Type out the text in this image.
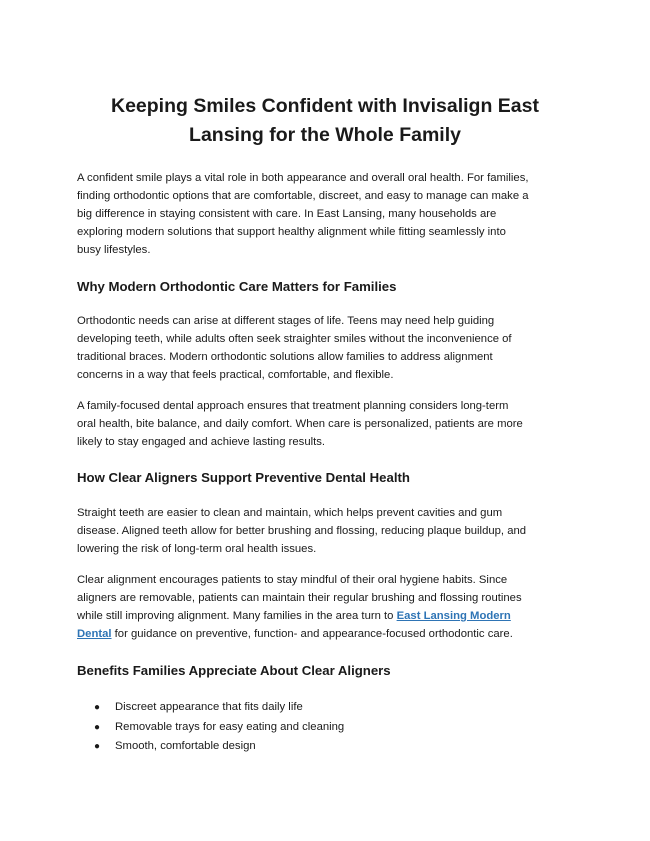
Keeping Smiles Confident with Invisalign East
Lansing for the Whole Family

A confident smile plays a vital role in both appearance and overall oral health. For families,
finding orthodontic options that are comfortable, discreet, and easy to manage can make a
big difference in staying consistent with care. In East Lansing, many households are
exploring modern solutions that support healthy alignment while fitting seamlessly into
busy lifestyles.

Why Modern Orthodontic Care Matters for Families

Orthodontic needs can arise at different stages of life. Teens may need help guiding
developing teeth, while adults often seek straighter smiles without the inconvenience of
traditional braces. Modern orthodontic solutions allow families to address alignment
concerns in a way that feels practical, comfortable, and flexible.

A family-focused dental approach ensures that treatment planning considers long-term
oral health, bite balance, and daily comfort. When care is personalized, patients are more
likely to stay engaged and achieve lasting results.

How Clear Aligners Support Preventive Dental Health

Straight teeth are easier to clean and maintain, which helps prevent cavities and gum
disease. Aligned teeth allow for better brushing and flossing, reducing plaque buildup, and
lowering the risk of long-term oral health issues.

Clear alignment encourages patients to stay mindful of their oral hygiene habits. Since
aligners are removable, patients can maintain their regular brushing and flossing routines
while still improving alignment. Many families in the area turn to East Lansing Modern
Dental for guidance on preventive, function- and appearance-focused orthodontic care.

Benefits Families Appreciate About Clear Aligners
● Discreet appearance that fits daily life
● Removable trays for easy eating and cleaning
● Smooth, comfortable design
